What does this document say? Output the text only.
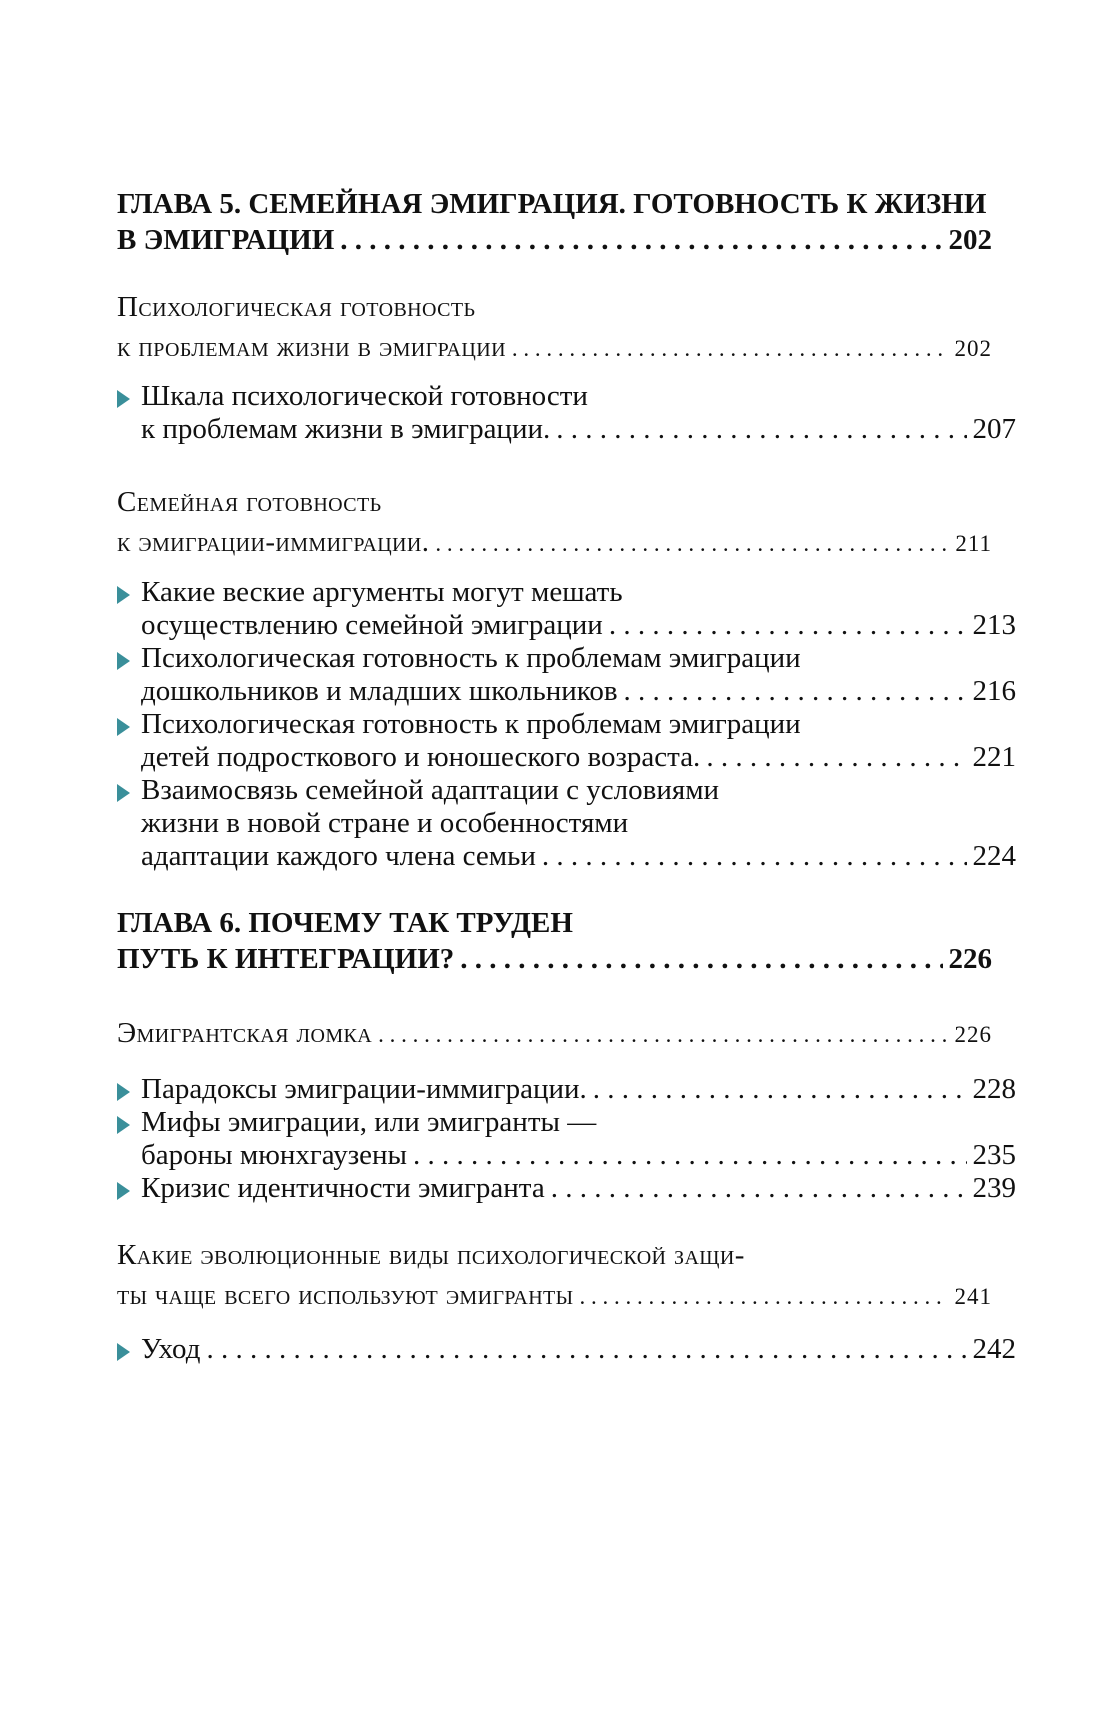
ГЛАВА 5. СЕМЕЙНАЯ ЭМИГРАЦИЯ. ГОТОВНОСТЬ К ЖИЗНИ
В ЭМИГРАЦИИ . . .	202
Психологическая готовность
к проблемам жизни в эмиграции . . .	202
Шкала психологической готовности
к проблемам жизни в эмиграции. . . .	207
Семейная готовность
к эмиграции-иммиграции. . . .	211
Какие веские аргументы могут мешать
осуществлению семейной эмиграции . . .	213
Психологическая готовность к проблемам эмиграции
дошкольников и младших школьников . . .	216
Психологическая готовность к проблемам эмиграции
детей подросткового и юношеского возраста. . . .	221
Взаимосвязь семейной адаптации с условиями
жизни в новой стране и особенностями
адаптации каждого члена семьи . . .	224
ГЛАВА 6. ПОЧЕМУ ТАК ТРУДЕН
ПУТЬ К ИНТЕГРАЦИИ? . . .	226
Эмигрантская ломка . . .	226
Парадоксы эмиграции-иммиграции. . . .	228
Мифы эмиграции, или эмигранты —
бароны мюнхгаузены . . .	235
Кризис идентичности эмигранта . . .	239
Какие эволюционные виды психологической защи-
ты чаще всего используют эмигранты . . .	241
Уход . . .	242
